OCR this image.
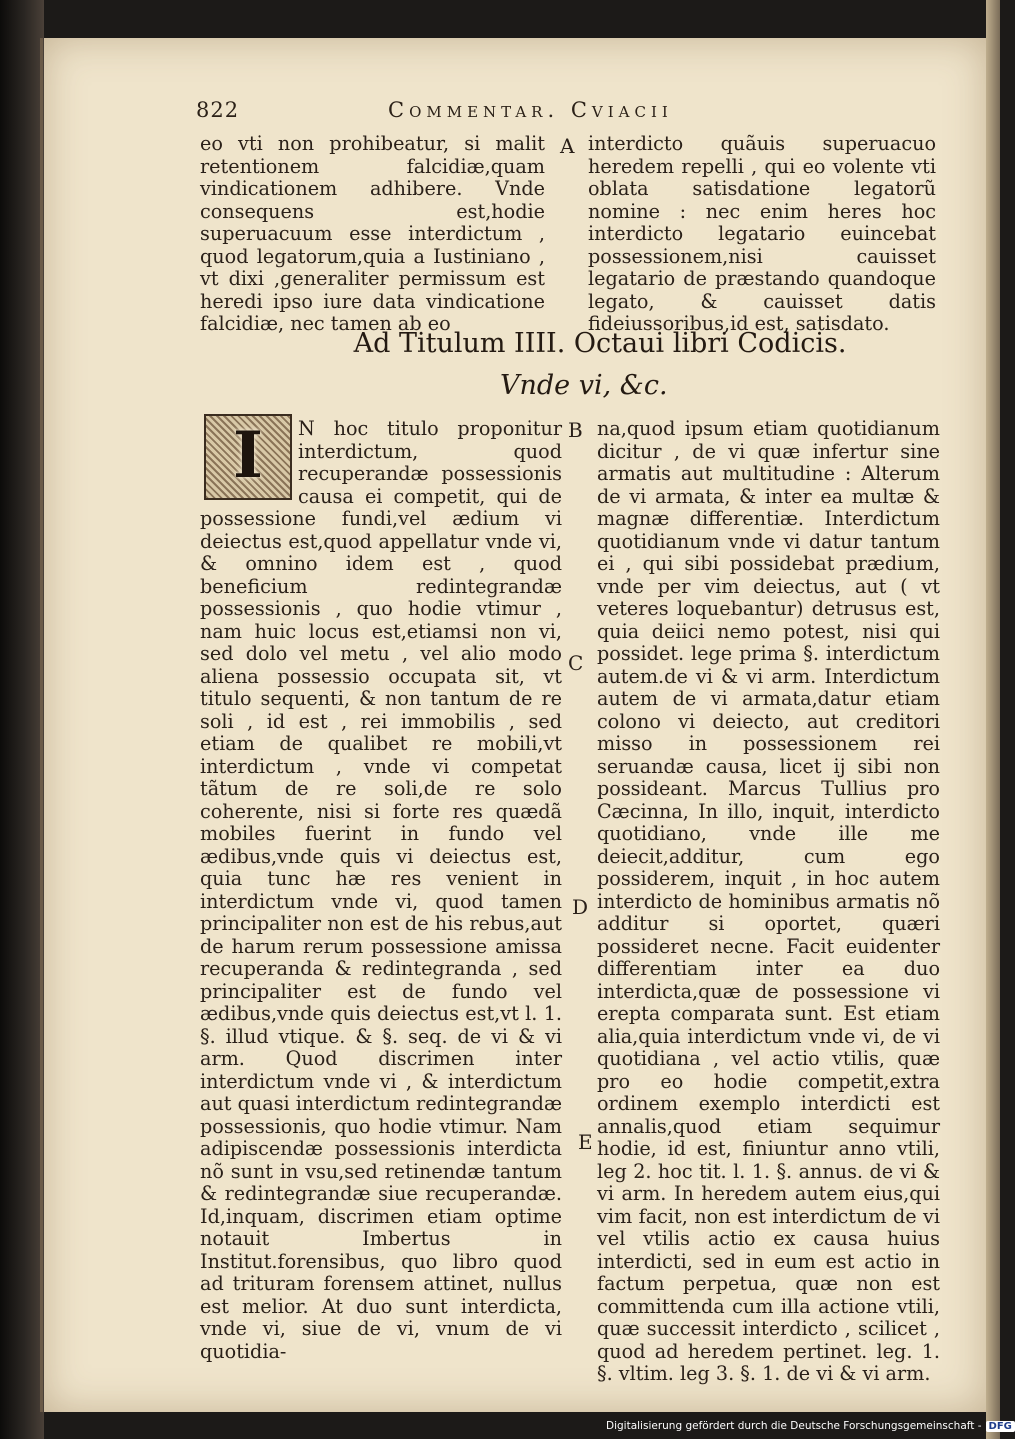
822	Commentar. Cviacii

eo vti non prohibeatur, si malit retentionem falcidiæ,quam vindicationem adhibere. Vnde consequens est,hodie superuacuum esse interdictum , quod legatorum,quia a Iustiniano , vt dixi ,generaliter permissum est heredi ipso iure data vindicatione falcidiæ, nec tamen ab eo

A interdicto quãuis superuacuo heredem repelli , qui eo volente vti oblata satisdatione legatorũ nomine : nec enim heres hoc interdicto legatario euincebat possessionem,nisi cauisset legatario de præstando quandoque legato, & cauisset datis fideiussoribus,id est, satisdato.

Ad Titulum IIII. Octaui libri Codicis.
Vnde vi, &c.
I	N hoc titulo proponitur interdictum, quod recuperandæ possessionis causa ei competit, qui de possessione fundi,vel ædium vi deiectus est,quod appellatur vnde vi, & omnino idem est , quod beneficium redintegrandæ possessionis , quo hodie vtimur , nam huic locus est,etiamsi non vi, sed dolo vel metu , vel alio modo aliena possessio occupata sit, vt titulo sequenti, & non tantum de re soli , id est , rei immobilis , sed etiam de qualibet re mobili,vt interdictum , vnde vi competat tãtum de re soli,de re solo coherente, nisi si forte res quædã mobiles fuerint in fundo vel ædibus,vnde quis vi deiectus est, quia tunc hæ res venient in interdictum vnde vi, quod tamen principaliter non est de his rebus,aut de harum rerum possessione amissa recuperanda & redintegranda , sed principaliter est de fundo vel ædibus,vnde quis deiectus est,vt l. 1. §. illud vtique. & §. seq. de vi & vi arm. Quod discrimen inter interdictum vnde vi , & interdictum aut quasi interdictum redintegrandæ possessionis, quo hodie vtimur. Nam adipiscendæ possessionis interdicta nõ sunt in vsu,sed retinendæ tantum & redintegrandæ siue recuperandæ. Id,inquam, discrimen etiam optime notauit Imbertus in Institut.forensibus, quo libro quod ad trituram forensem attinet, nullus est melior. At duo sunt interdicta, vnde vi, siue de vi, vnum de vi quotidia-

B
C
D
E

na,quod ipsum etiam quotidianum dicitur , de vi quæ infertur sine armatis aut multitudine : Alterum de vi armata, & inter ea multæ & magnæ differentiæ. Interdictum quotidianum vnde vi datur tantum ei , qui sibi possidebat prædium, vnde per vim deiectus, aut ( vt veteres loquebantur) detrusus est, quia deiici nemo potest, nisi qui possidet. lege prima §. interdictum autem.de vi & vi arm. Interdictum autem de vi armata,datur etiam colono vi deiecto, aut creditori misso in possessionem rei seruandæ causa, licet ij sibi non possideant. Marcus Tullius pro Cæcinna, In illo, inquit, interdicto quotidiano, vnde ille me deiecit,additur, cum ego possiderem, inquit , in hoc autem interdicto de hominibus armatis nõ additur si oportet, quæri possideret necne. Facit euidenter differentiam inter ea duo interdicta,quæ de possessione vi erepta comparata sunt. Est etiam alia,quia interdictum vnde vi, de vi quotidiana , vel actio vtilis, quæ pro eo hodie competit,extra ordinem exemplo interdicti est annalis,quod etiam sequimur hodie, id est, finiuntur anno vtili, leg 2. hoc tit. l. 1. §. annus. de vi & vi arm. In heredem autem eius,qui vim facit, non est interdictum de vi vel vtilis actio ex causa huius interdicti, sed in eum est actio in factum perpetua, quæ non est committenda cum illa actione vtili, quæ successit interdicto , scilicet , quod ad heredem pertinet. leg. 1. §. vltim. leg 3. §. 1. de vi & vi arm.

Digitalisierung gefördert durch die Deutsche Forschungsgemeinschaft - DFG
